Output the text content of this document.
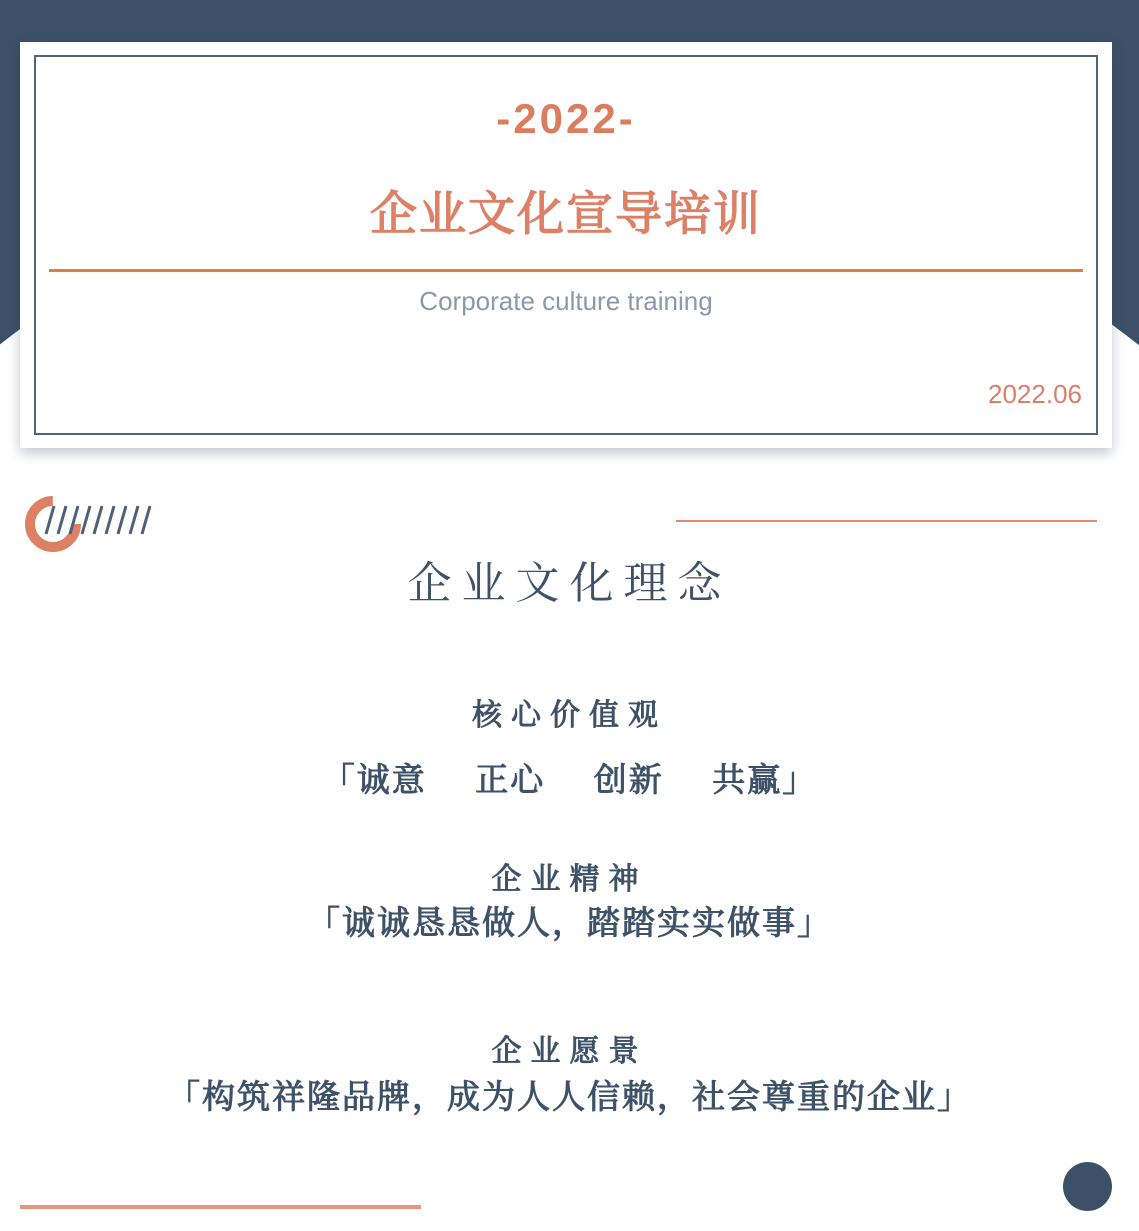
-2022-
企业文化宣导培训
Corporate culture training
2022.06
企业文化理念
核心价值观
「诚意　 正心　 创新　 共赢」
企业精神
「诚诚恳恳做人，踏踏实实做事」
企业愿景
「构筑祥隆品牌，成为人人信赖，社会尊重的企业」
